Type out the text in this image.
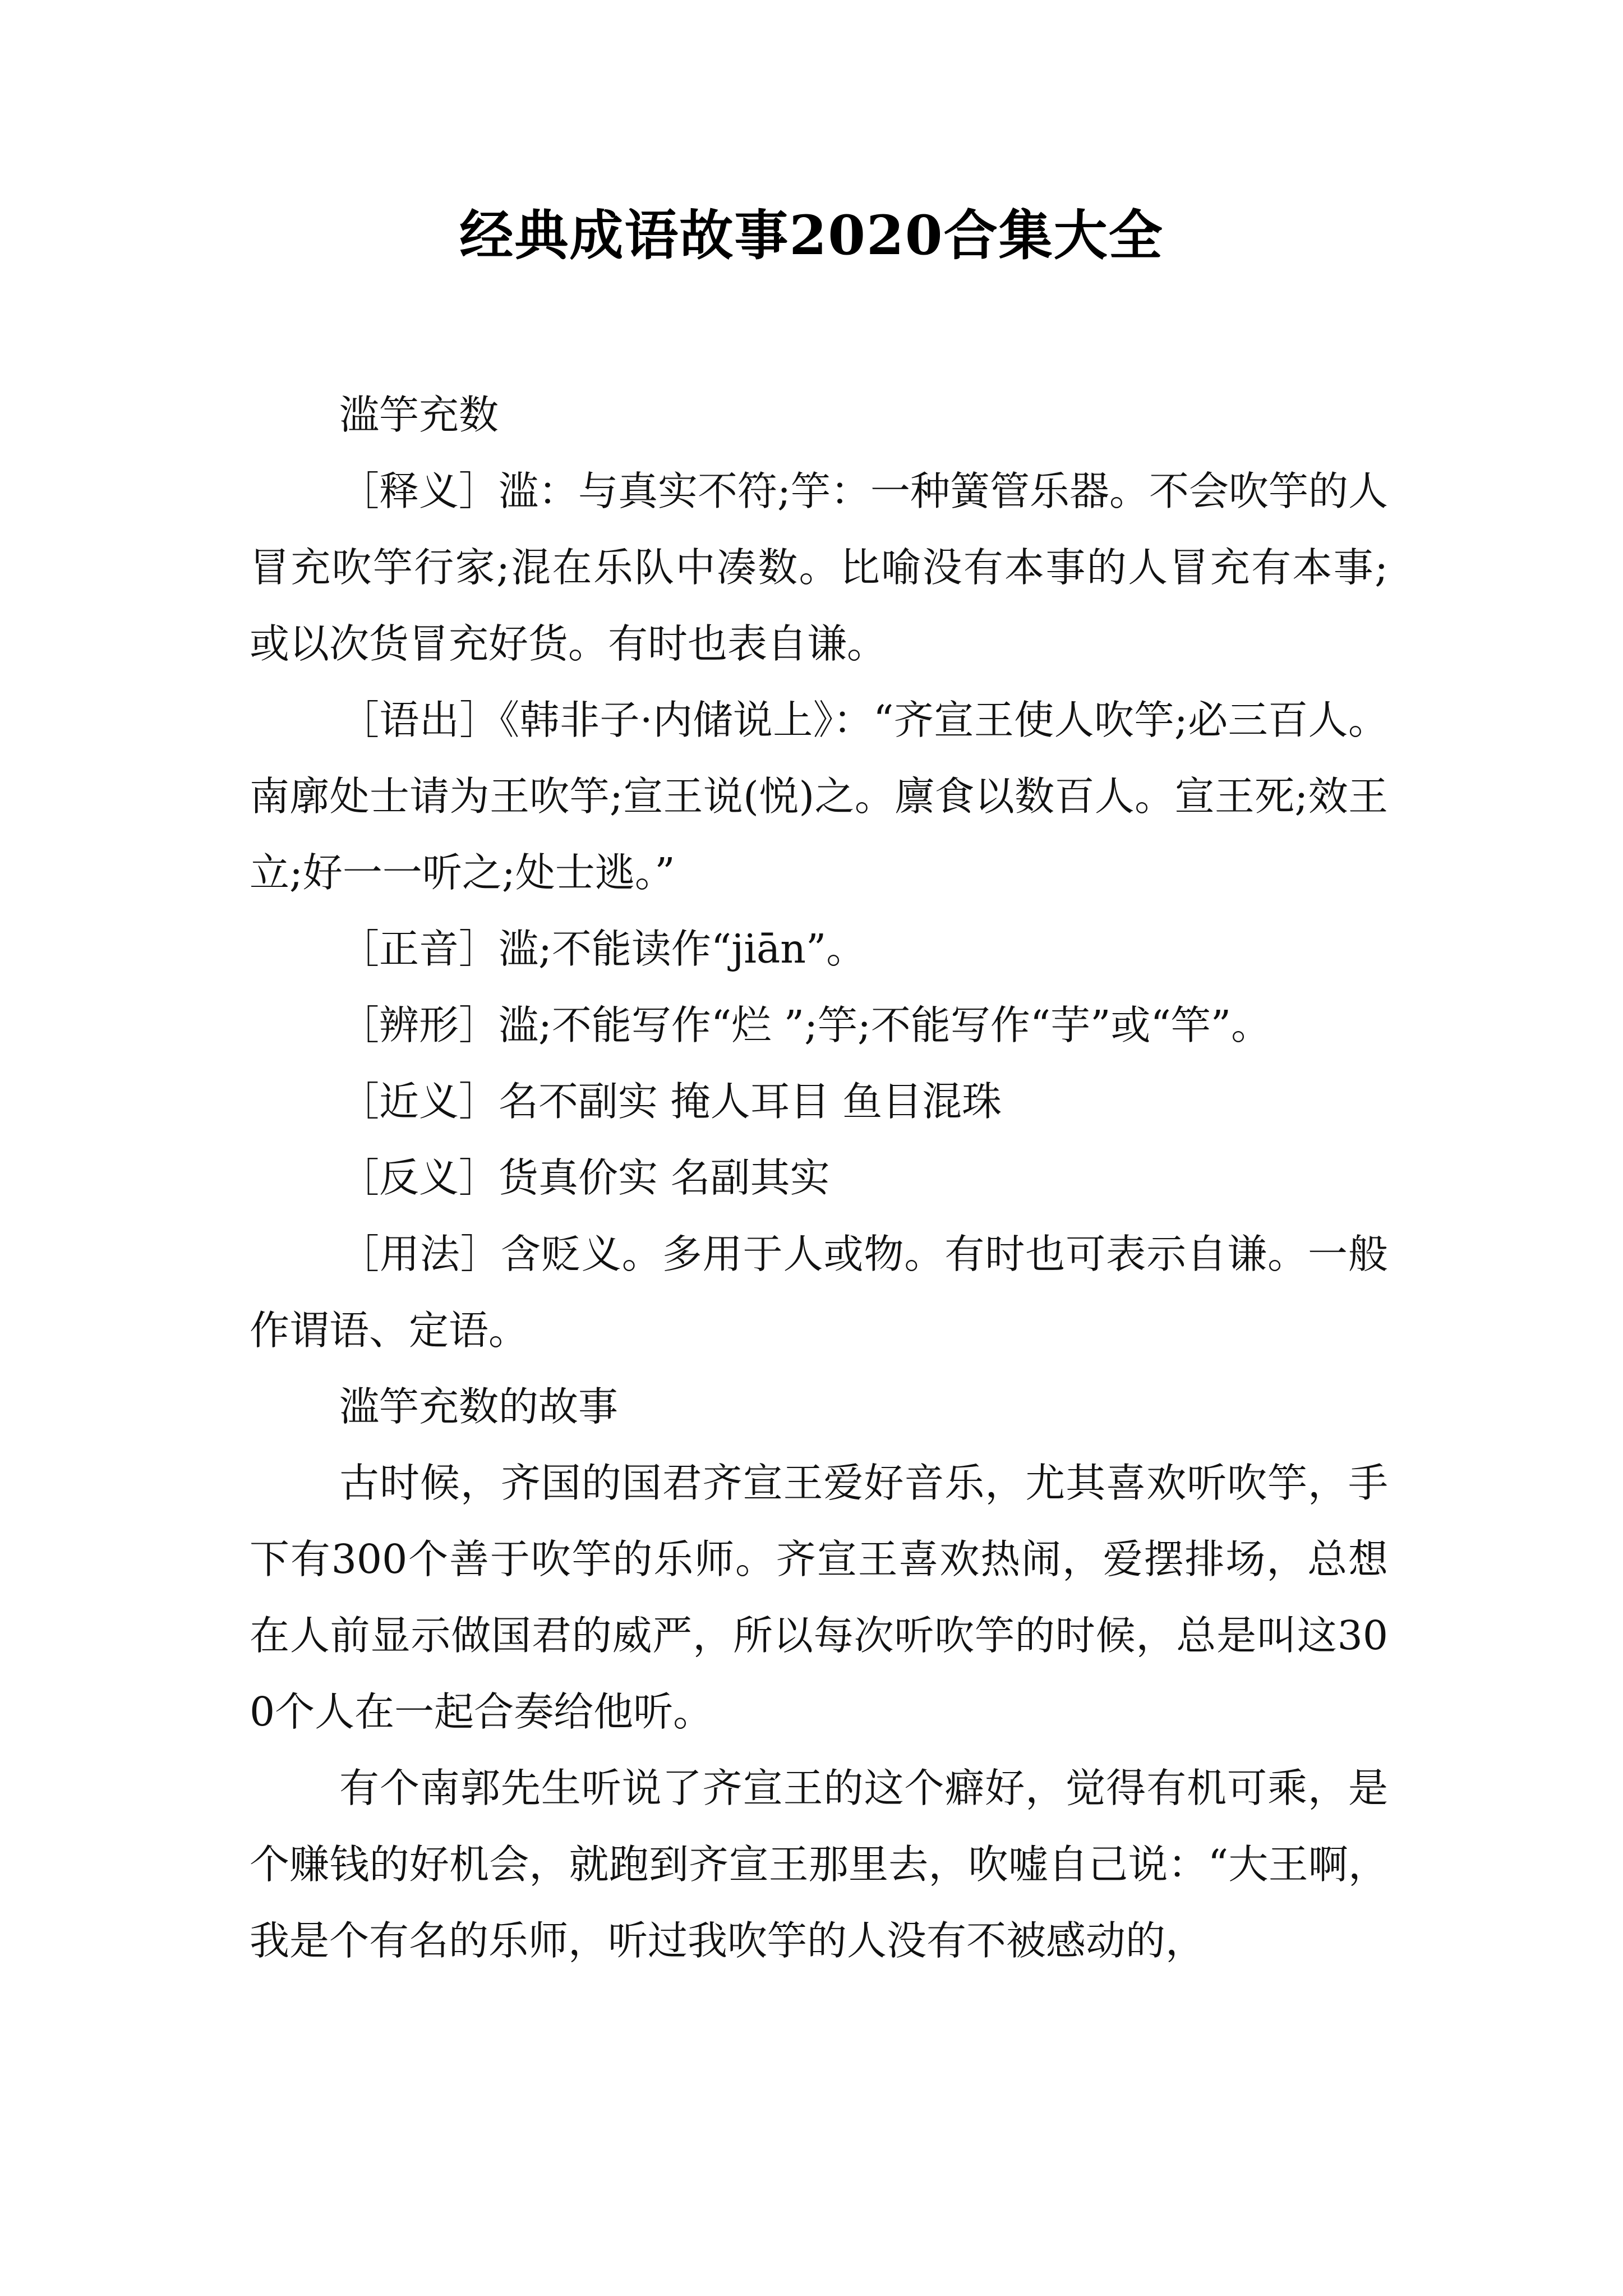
经典成语故事2020合集大全

滥竽充数

［释义］滥：与真实不符;竽：一种簧管乐器。不会吹竽的人冒充吹竽行家;混在乐队中凑数。比喻没有本事的人冒充有本事;或以次货冒充好货。有时也表自谦。

［语出］《韩非子·内储说上》：“齐宣王使人吹竽;必三百人。南廓处士请为王吹竽;宣王说(悦)之。廪食以数百人。宣王死;效王立;好一一听之;处士逃。”

［正音］滥;不能读作“jiān”。

［辨形］滥;不能写作“烂 ”;竽;不能写作“芋”或“竿”。

［近义］名不副实 掩人耳目 鱼目混珠

［反义］货真价实 名副其实

［用法］含贬义。多用于人或物。有时也可表示自谦。一般作谓语、定语。

滥竽充数的故事

古时候，齐国的国君齐宣王爱好音乐，尤其喜欢听吹竽，手下有300个善于吹竽的乐师。齐宣王喜欢热闹，爱摆排场，总想在人前显示做国君的威严，所以每次听吹竽的时候，总是叫这300个人在一起合奏给他听。

有个南郭先生听说了齐宣王的这个癖好，觉得有机可乘，是个赚钱的好机会，就跑到齐宣王那里去，吹嘘自己说：“大王啊，我是个有名的乐师，听过我吹竽的人没有不被感动的，
